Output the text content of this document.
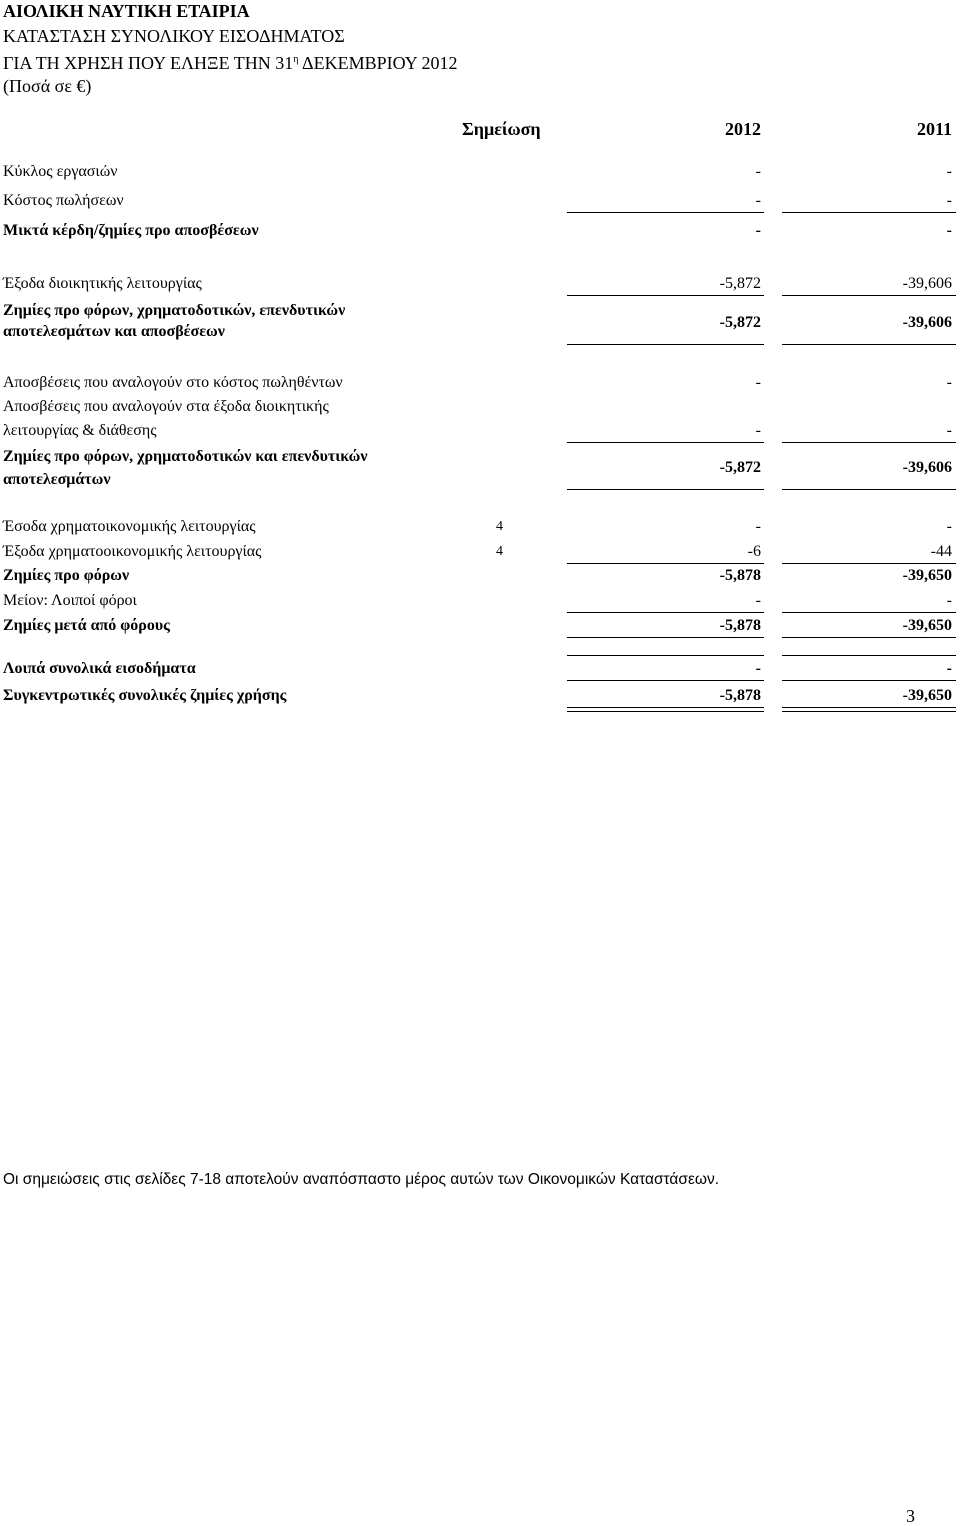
ΑΙΟΛΙΚΗ ΝΑΥΤΙΚΗ ΕΤΑΙΡΙΑ
ΚΑΤΑΣΤΑΣΗ ΣΥΝΟΛΙΚΟΥ ΕΙΣΟΔΗΜΑΤΟΣ
ΓΙΑ ΤΗ ΧΡΗΣΗ ΠΟΥ ΕΛΗΞΕ ΤΗΝ $31^\eta$ ΔΕΚΕΜΒΡΙΟΥ 2012
(Ποσά σε €)
Σημείωση	2012	2011
Κύκλος εργασιών	-	-
Κόστος πωλήσεων	-	-
Μικτά κέρδη/ζημίες προ αποσβέσεων	-	-
Έξοδα διοικητικής λειτουργίας	-5,872	-39,606
Ζημίες προ φόρων, χρηματοδοτικών, επενδυτικών
αποτελεσμάτων και αποσβέσεων
-5,872	-39,606
Αποσβέσεις που αναλογούν στο κόστος πωληθέντων	-	-
Αποσβέσεις που αναλογούν στα έξοδα διοικητικής
λειτουργίας & διάθεσης	-	-
Ζημίες προ φόρων, χρηματοδοτικών και επενδυτικών
αποτελεσμάτων
-5,872	-39,606
Έσοδα χρηματοικονομικής λειτουργίας	4	-	-
Έξοδα χρηματοοικονομικής λειτουργίας	4	-6	-44
Ζημίες προ φόρων	-5,878	-39,650
Μείον: Λοιποί φόροι	-	-
Ζημίες μετά από φόρους	-5,878	-39,650
Λοιπά συνολικά εισοδήματα	-	-
Συγκεντρωτικές συνολικές ζημίες χρήσης	-5,878	-39,650
Οι σημειώσεις στις σελίδες 7-18 αποτελούν αναπόσπαστο μέρος αυτών των Οικονομικών Καταστάσεων.
3
